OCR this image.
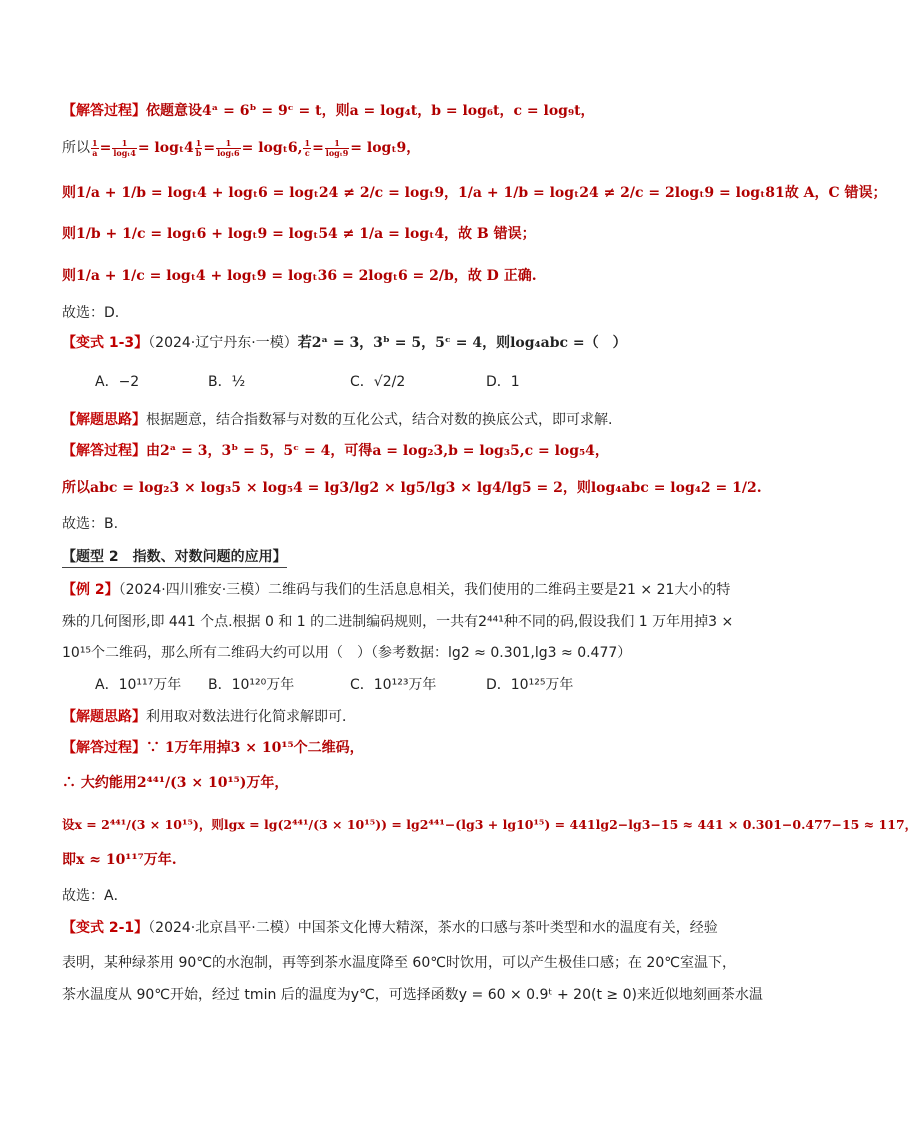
【解答过程】依题意设4ᵃ = 6ᵇ = 9ᶜ = t，则a = log₄t，b = log₆t，c = log₉t，
所以 $\frac{1}{a} = \frac{1}{\text{logₜ4}} = \log_t4 \frac{1}{b} = \frac{1}{\text{logₜ6}} = \log_t6$, $\frac{1}{c} = \frac{1}{\text{logₜ9}} = \log_t9$，
则1/a + 1/b = logₜ4 + logₜ6 = logₜ24 ≠ 2/c = logₜ9，1/a + 1/b = logₜ24 ≠ 2/c = 2logₜ9 = logₜ81故 A，C 错误；
则1/b + 1/c = logₜ6 + logₜ9 = logₜ54 ≠ 1/a = logₜ4，故 B 错误；
则1/a + 1/c = logₜ4 + logₜ9 = logₜ36 = 2logₜ6 = 2/b，故 D 正确.
故选：D.
【变式 1-3】（2024·辽宁丹东·一模）若2ᵃ = 3，3ᵇ = 5，5ᶜ = 4，则log₄abc =（　）
A．−2	B．½	C．√2/2	D．1
【解题思路】根据题意，结合指数幂与对数的互化公式，结合对数的换底公式，即可求解.
【解答过程】由2ᵃ = 3，3ᵇ = 5，5ᶜ = 4，可得a = log₂3,b = log₃5,c = log₅4，
所以abc = log₂3 × log₃5 × log₅4 = lg3/lg2 × lg5/lg3 × lg4/lg5 = 2，则log₄abc = log₄2 = 1/2.
故选：B.
【题型 2　指数、对数问题的应用】
【例 2】（2024·四川雅安·三模）二维码与我们的生活息息相关，我们使用的二维码主要是21 × 21大小的特
殊的几何图形,即 441 个点.根据 0 和 1 的二进制编码规则，一共有2⁴⁴¹种不同的码,假设我们 1 万年用掉3 ×
10¹⁵个二维码，那么所有二维码大约可以用（　）（参考数据：lg2 ≈ 0.301,lg3 ≈ 0.477）
A．10¹¹⁷万年 B．10¹²⁰万年	C．10¹²³万年	D．10¹²⁵万年
【解题思路】利用取对数法进行化简求解即可．
【解答过程】∵ 1万年用掉3 × 10¹⁵个二维码，
∴ 大约能用2⁴⁴¹/(3 × 10¹⁵)万年，
设x = 2⁴⁴¹/(3 × 10¹⁵)，则lgx = lg(2⁴⁴¹/(3 × 10¹⁵)) = lg2⁴⁴¹−(lg3 + lg10¹⁵) = 441lg2−lg3−15 ≈ 441 × 0.301−0.477−15 ≈ 117，
即x ≈ 10¹¹⁷万年.
故选：A．
【变式 2-1】（2024·北京昌平·二模）中国茶文化博大精深，茶水的口感与茶叶类型和水的温度有关，经验
表明，某种绿茶用 90℃的水泡制，再等到茶水温度降至 60℃时饮用，可以产生极佳口感；在 20℃室温下，
茶水温度从 90℃开始，经过 tmin 后的温度为y℃，可选择函数y = 60 × 0.9ᵗ + 20(t ≥ 0)来近似地刻画茶水温
